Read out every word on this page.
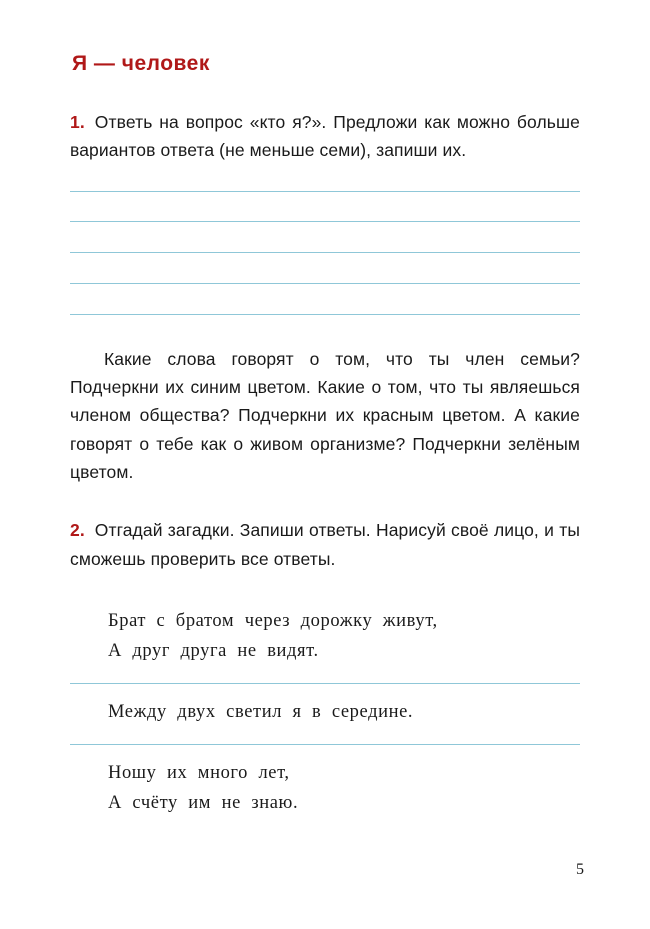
Я — человек

1. Ответь на вопрос «кто я?». Предложи как можно больше вариантов ответа (не меньше семи), запиши их.

Какие слова говорят о том, что ты член семьи? Подчеркни их синим цветом. Какие о том, что ты являешься членом общества? Подчеркни их красным цветом. А какие говорят о тебе как о живом организме? Подчеркни зелёным цветом.

2. Отгадай загадки. Запиши ответы. Нарисуй своё лицо, и ты сможешь проверить все ответы.

Брат  с  братом  через  дорожку  живут,
А  друг  друга  не  видят.
Между  двух  светил  я  в  середине.
Ношу  их  много  лет,
А  счёту  им  не  знаю.
5
